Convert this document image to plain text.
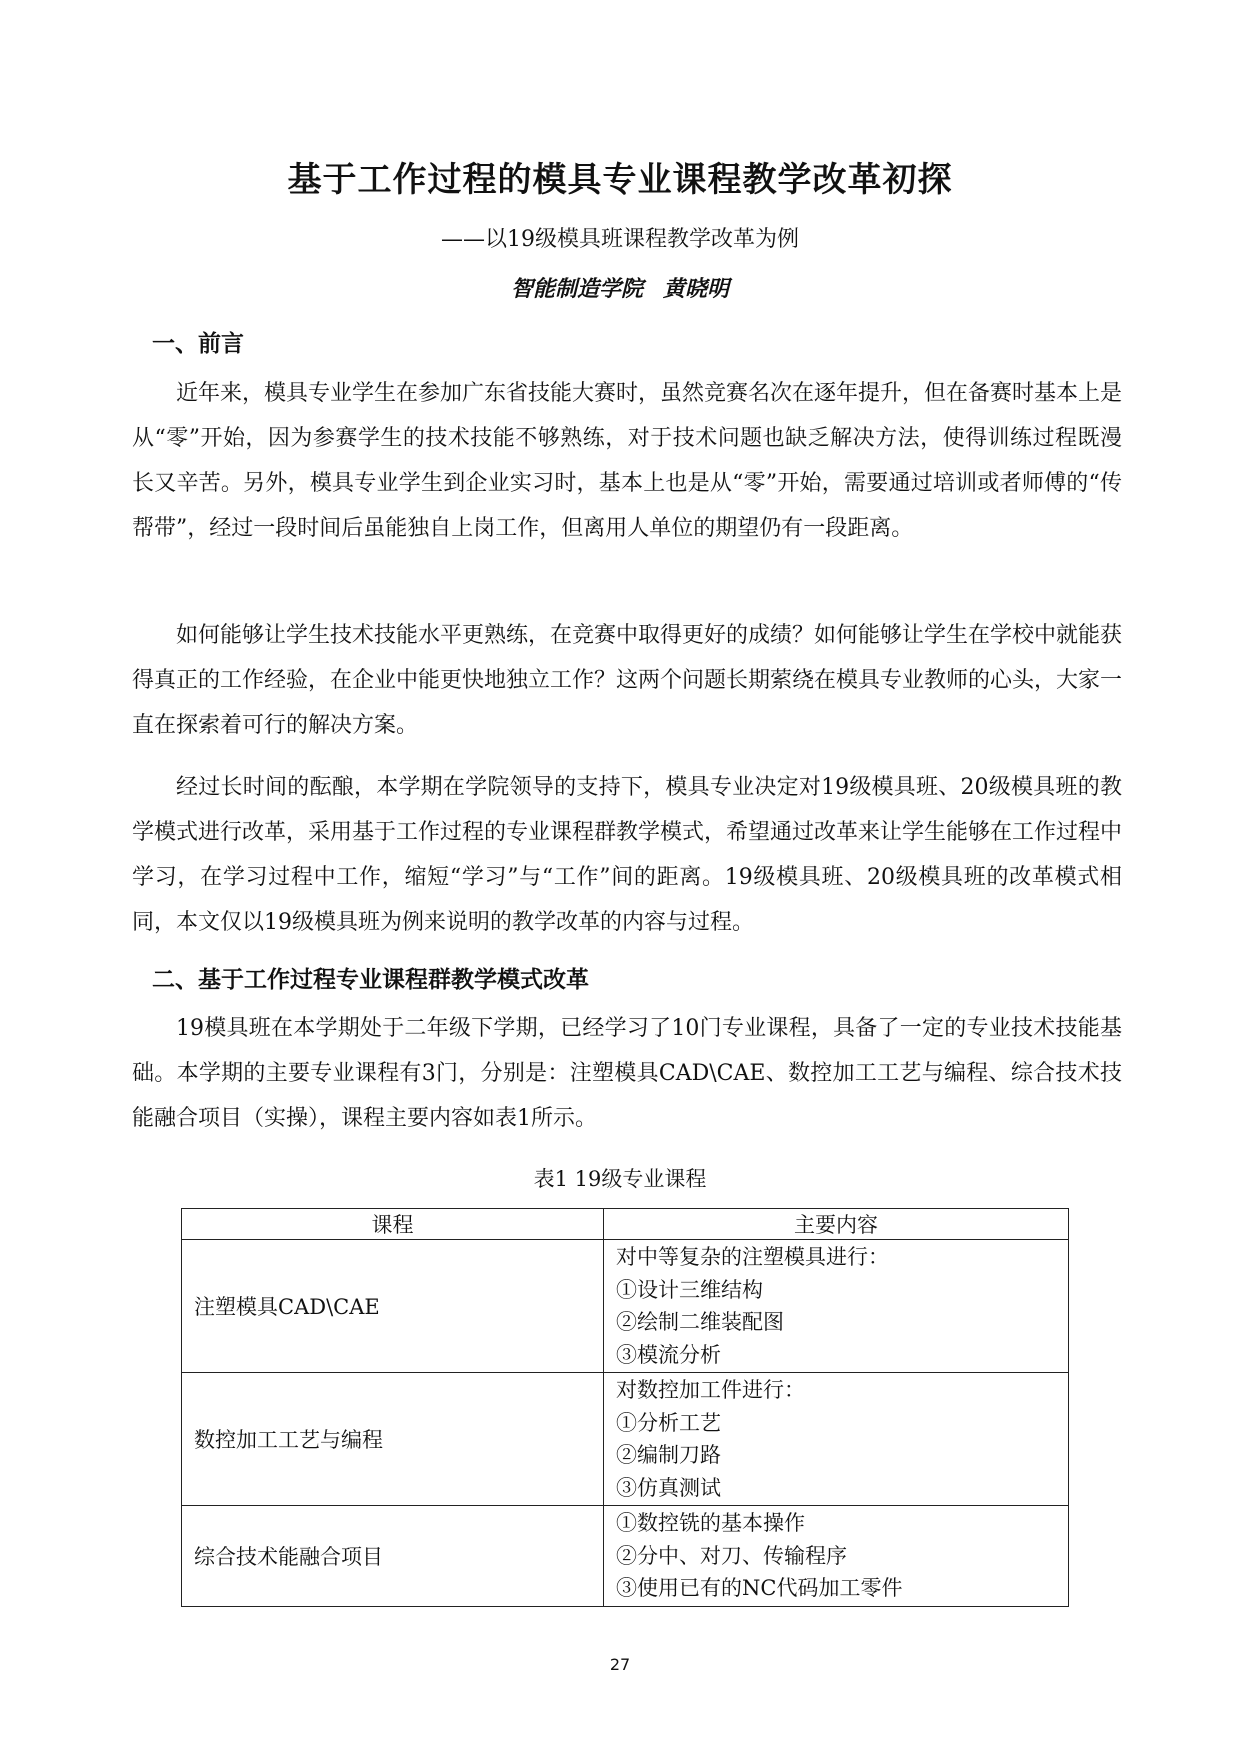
基于工作过程的模具专业课程教学改革初探
——以19级模具班课程教学改革为例
智能制造学院 黄晓明
一、前言

近年来，模具专业学生在参加广东省技能大赛时，虽然竞赛名次在逐年提升，但在备赛时基本上是从“零”开始，因为参赛学生的技术技能不够熟练，对于技术问题也缺乏解决方法，使得训练过程既漫长又辛苦。另外，模具专业学生到企业实习时，基本上也是从“零”开始，需要通过培训或者师傅的“传帮带”，经过一段时间后虽能独自上岗工作，但离用人单位的期望仍有一段距离。

如何能够让学生技术技能水平更熟练，在竞赛中取得更好的成绩？如何能够让学生在学校中就能获得真正的工作经验，在企业中能更快地独立工作？这两个问题长期萦绕在模具专业教师的心头，大家一直在探索着可行的解决方案。

经过长时间的酝酿，本学期在学院领导的支持下，模具专业决定对19级模具班、20级模具班的教学模式进行改革，采用基于工作过程的专业课程群教学模式，希望通过改革来让学生能够在工作过程中学习，在学习过程中工作，缩短“学习”与“工作”间的距离。19级模具班、20级模具班的改革模式相同，本文仅以19级模具班为例来说明的教学改革的内容与过程。

二、基于工作过程专业课程群教学模式改革

19模具班在本学期处于二年级下学期，已经学习了10门专业课程，具备了一定的专业技术技能基础。本学期的主要专业课程有3门，分别是：注塑模具CAD\CAE、数控加工工艺与编程、综合技术技能融合项目（实操），课程主要内容如表1所示。

表1 19级专业课程
课程	主要内容
注塑模具CAD\CAE	对中等复杂的注塑模具进行：
①设计三维结构
②绘制二维装配图
③模流分析

数控加工工艺与编程	对数控加工件进行：
①分析工艺
②编制刀路
③仿真测试

综合技术能融合项目	①数控铣的基本操作
②分中、对刀、传输程序
③使用已有的NC代码加工零件
27
